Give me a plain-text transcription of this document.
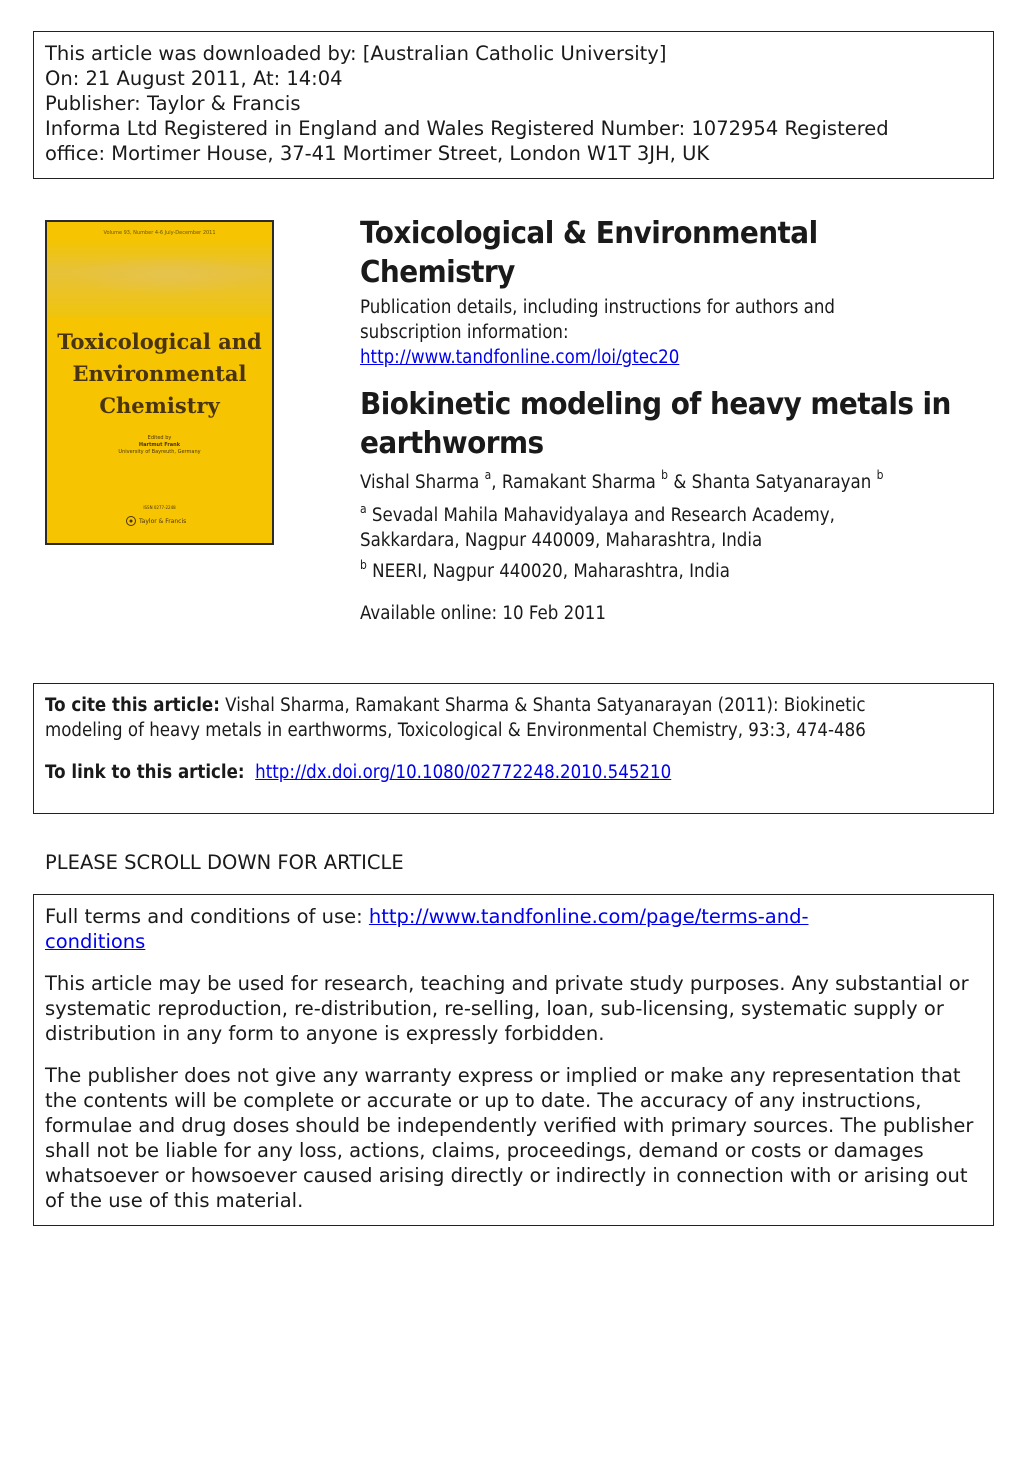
This article was downloaded by: [Australian Catholic University]
On: 21 August 2011, At: 14:04
Publisher: Taylor & Francis
Informa Ltd Registered in England and Wales Registered Number: 1072954 Registered
office: Mortimer House, 37-41 Mortimer Street, London W1T 3JH, UK
Volume 93, Number 4-6 July-December 2011
Toxicological and
Environmental
Chemistry
Edited by
Hartmut Frank
University of Bayreuth, Germany
ISSN 0277-2248
Taylor & Francis
Toxicological & Environmental Chemistry
Publication details, including instructions for authors and
subscription information:
http://www.tandfonline.com/loi/gtec20
Biokinetic modeling of heavy metals in earthworms
Vishal Sharma $^a$, Ramakant Sharma $^b$ & Shanta Satyanarayan $^b$
$^a$ Sevadal Mahila Mahavidyalaya and Research Academy,
Sakkardara, Nagpur 440009, Maharashtra, India
$^b$ NEERI, Nagpur 440020, Maharashtra, India
Available online: 10 Feb 2011
To cite this article: Vishal Sharma, Ramakant Sharma & Shanta Satyanarayan (2011): Biokinetic
modeling of heavy metals in earthworms, Toxicological & Environmental Chemistry, 93:3, 474-486
To link to this article: http://dx.doi.org/10.1080/02772248.2010.545210
PLEASE SCROLL DOWN FOR ARTICLE

Full terms and conditions of use: http://www.tandfonline.com/page/terms-and-
conditions

This article may be used for research, teaching and private study purposes. Any substantial or systematic reproduction, re-distribution, re-selling, loan, sub-licensing, systematic supply or distribution in any form to anyone is expressly forbidden.

The publisher does not give any warranty express or implied or make any representation that the contents will be complete or accurate or up to date. The accuracy of any instructions, formulae and drug doses should be independently verified with primary sources. The publisher shall not be liable for any loss, actions, claims, proceedings, demand or costs or damages whatsoever or howsoever caused arising directly or indirectly in connection with or arising out of the use of this material.
